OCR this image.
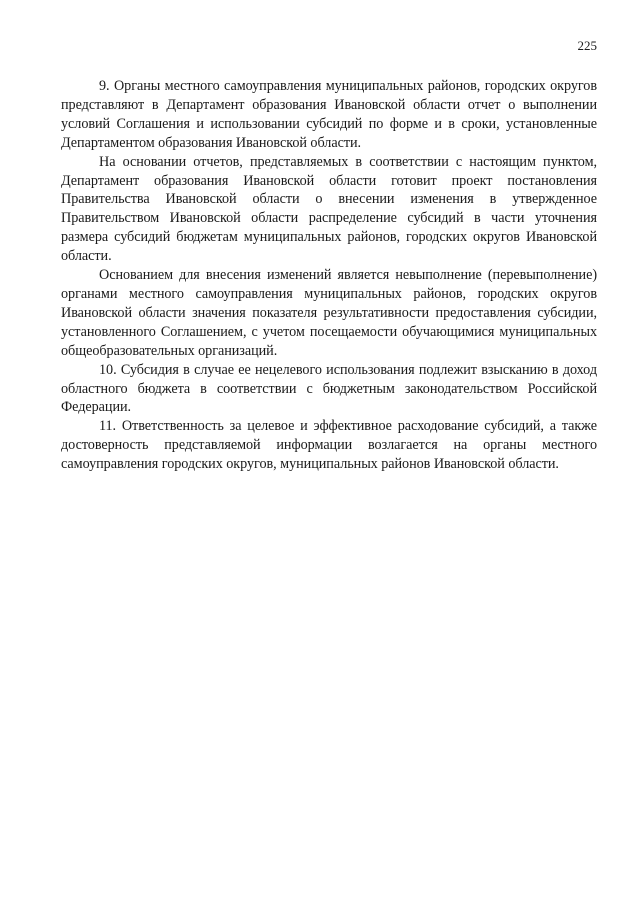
225

9. Органы местного самоуправления муниципальных районов, городских округов представляют в Департамент образования Ивановской области отчет о выполнении условий Соглашения и использовании субсидий по форме и в сроки, установленные Департаментом образования Ивановской области.

На основании отчетов, представляемых в соответствии с настоящим пунктом, Департамент образования Ивановской области готовит проект постановления Правительства Ивановской области о внесении изменения в утвержденное Правительством Ивановской области распределение субсидий в части уточнения размера субсидий бюджетам муниципальных районов, городских округов Ивановской области.

Основанием для внесения изменений является невыполнение (перевыполнение) органами местного самоуправления муниципальных районов, городских округов Ивановской области значения показателя результативности предоставления субсидии, установленного Соглашением, с учетом посещаемости обучающимися муниципальных общеобразовательных организаций.

10. Субсидия в случае ее нецелевого использования подлежит взысканию в доход областного бюджета в соответствии с бюджетным законодательством Российской Федерации.

11. Ответственность за целевое и эффективное расходование субсидий, а также достоверность представляемой информации возлагается на органы местного самоуправления городских округов, муниципальных районов Ивановской области.
